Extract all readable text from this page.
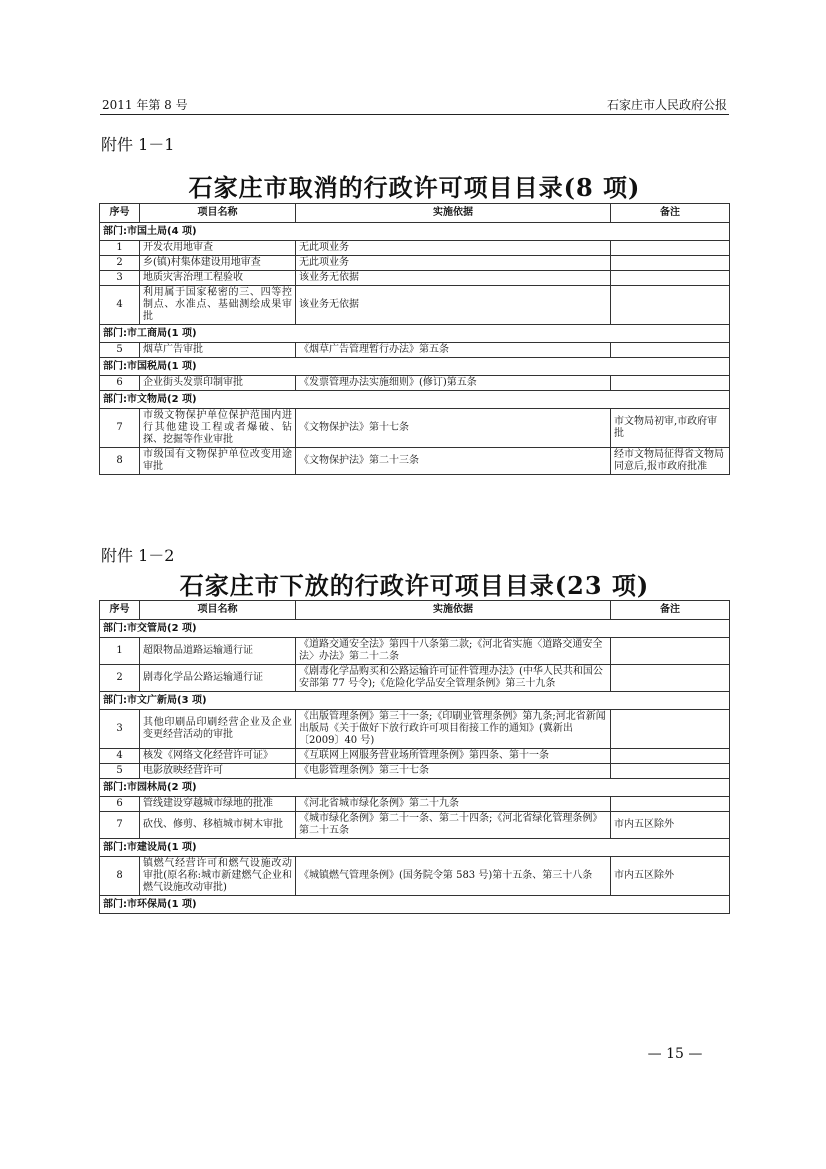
2011 年第 8 号	石家庄市人民政府公报
附件 1－1
石家庄市取消的行政许可项目目录(8 项)
序号	项目名称	实施依据	备注
部门:市国土局(4 项)			
1	开发农用地审查	无此项业务	
2	乡(镇)村集体建设用地审查	无此项业务	
3	地质灾害治理工程验收	该业务无依据	
4	利用属于国家秘密的三、四等控制点、水准点、基础测绘成果审批	该业务无依据	
部门:市工商局(1 项)			
5	烟草广告审批	《烟草广告管理暂行办法》第五条	
部门:市国税局(1 项)			
6	企业街头发票印制审批	《发票管理办法实施细则》(修订)第五条	
部门:市文物局(2 项)			
7	市级文物保护单位保护范围内进行其他建设工程或者爆破、钻探、挖掘等作业审批	《文物保护法》第十七条	市文物局初审,市政府审批
8	市级国有文物保护单位改变用途审批	《文物保护法》第二十三条	经市文物局征得省文物局同意后,报市政府批准
附件 1－2
石家庄市下放的行政许可项目目录(23 项)
序号	项目名称	实施依据	备注
部门:市交管局(2 项)			
1	超限物品道路运输通行证	《道路交通安全法》第四十八条第二款;《河北省实施〈道路交通安全法〉办法》第二十二条	
2	剧毒化学品公路运输通行证	《剧毒化学品购买和公路运输许可证件管理办法》(中华人民共和国公安部第 77 号令);《危险化学品安全管理条例》第三十九条	
部门:市文广新局(3 项)			
3	其他印刷品印刷经营企业及企业变更经营活动的审批	《出版管理条例》第三十一条;《印刷业管理条例》第九条;河北省新闻出版局《关于做好下放行政许可项目衔接工作的通知》(冀新出〔2009〕40 号)	
4	核发《网络文化经营许可证》	《互联网上网服务营业场所管理条例》第四条、第十一条	
5	电影放映经营许可	《电影管理条例》第三十七条	
部门:市园林局(2 项)			
6	管线建设穿越城市绿地的批准	《河北省城市绿化条例》第二十九条	
7	砍伐、修剪、移植城市树木审批	《城市绿化条例》第二十一条、第二十四条;《河北省绿化管理条例》第二十五条	市内五区除外
部门:市建设局(1 项)			
8	镇燃气经营许可和燃气设施改动审批(原名称:城市新建燃气企业和燃气设施改动审批)	《城镇燃气管理条例》(国务院令第 583 号)第十五条、第三十八条	市内五区除外
部门:市环保局(1 项)			
— 15 —
